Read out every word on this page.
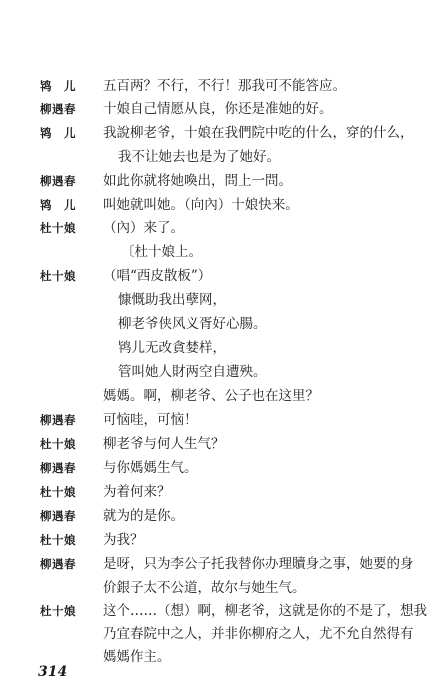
鸨　儿	五百两？不行，不行！那我可不能答应。
柳遇春	十娘自己情愿从良，你还是准她的好。
鸨　儿	我說柳老爷，十娘在我們院中吃的什么，穿的什么，
我不让她去也是为了她好。
柳遇春	如此你就将她喚出，問上一問。
鸨　儿	叫她就叫她。（向內）十娘快来。
杜十娘	（內）来了。
〔杜十娘上。
杜十娘	（唱“西皮散板”）
慷慨助我出孽网，
柳老爷侠风义胥好心腸。
鸨儿无改貪婪样，
管叫她人財两空自遭殃。
媽媽。啊，柳老爷、公子也在这里？
柳遇春	可恼哇，可恼！
杜十娘	柳老爷与何人生气？
柳遇春	与你媽媽生气。
杜十娘	为着何来？
柳遇春	就为的是你。
杜十娘	为我？
柳遇春	是呀，只为李公子托我替你办理贖身之事，她要的身
价銀子太不公道，故尔与她生气。
杜十娘	这个……（想）啊，柳老爷，这就是你的不是了，想我
乃宜春院中之人，并非你柳府之人，尤不允自然得有
媽媽作主。
314
